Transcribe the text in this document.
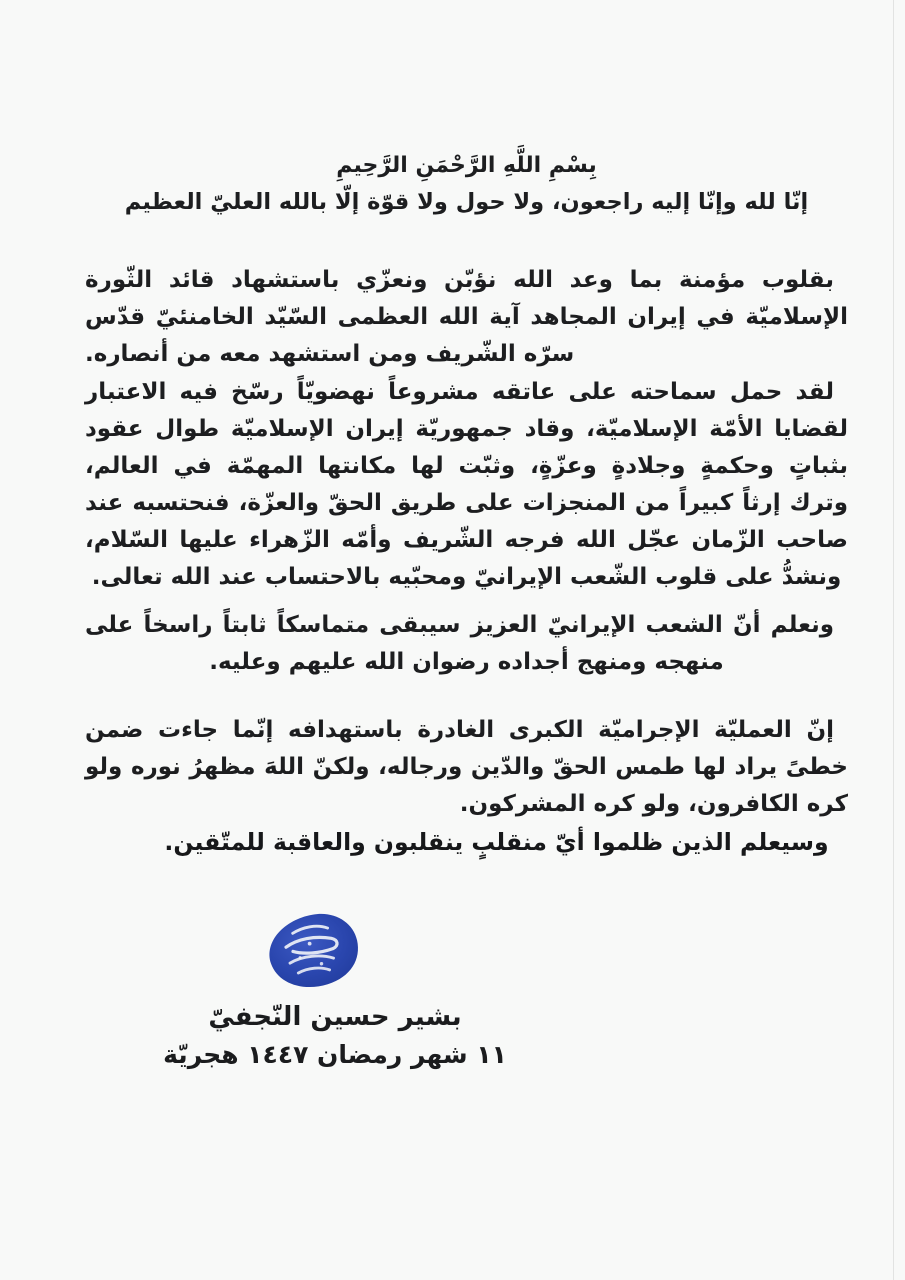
بِسْمِ اللَّهِ الرَّحْمَنِ الرَّحِيمِ

إنّا لله وإنّا إليه راجعون، ولا حول ولا قوّة إلّا بالله العليّ العظيم

بقلوب مؤمنة بما وعد الله نؤبّن ونعزّي باستشهاد قائد الثّورة الإسلاميّة في إيران المجاهد آية الله العظمى السّيّد الخامنئيّ قدّس سرّه الشّريف ومن استشهد معه من أنصاره.

لقد حمل سماحته على عاتقه مشروعاً نهضويّاً رسّخ فيه الاعتبار لقضايا الأمّة الإسلاميّة، وقاد جمهوريّة إيران الإسلاميّة طوال عقود بثباتٍ وحكمةٍ وجلادةٍ وعزّةٍ، وثبّت لها مكانتها المهمّة في العالم، وترك إرثاً كبيراً من المنجزات على طريق الحقّ والعزّة، فنحتسبه عند صاحب الزّمان عجّل الله فرجه الشّريف وأمّه الزّهراء عليها السّلام، ونشدُّ على قلوب الشّعب الإيرانيّ ومحبّيه بالاحتساب عند الله تعالى.

ونعلم أنّ الشعب الإيرانيّ العزيز سيبقى متماسكاً ثابتاً راسخاً على منهجه ومنهج أجداده رضوان الله عليهم وعليه.

إنّ العمليّة الإجراميّة الكبرى الغادرة باستهدافه إنّما جاءت ضمن خطىً يراد لها طمس الحقّ والدّين ورجاله، ولكنّ اللهَ مظهرُ نوره ولو كره الكافرون، ولو كره المشركون.

وسيعلم الذين ظلموا أيّ منقلبٍ ينقلبون والعاقبة للمتّقين.

بشير حسين النّجفيّ
١١ شهر رمضان ١٤٤٧ هجريّة
